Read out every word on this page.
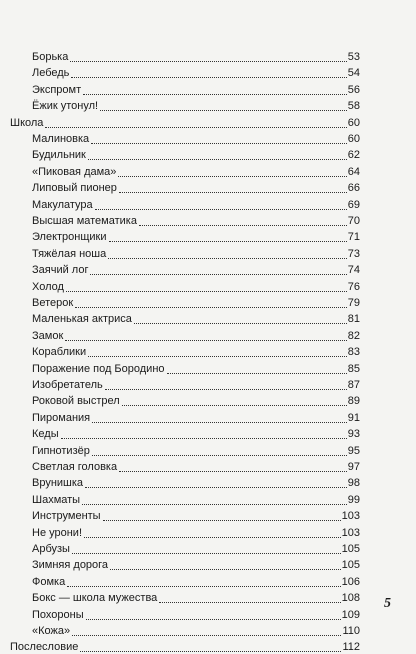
Борька	53
Лебедь	54
Экспромт	56
Ёжик утонул!	58
Школа	60
Малиновка	60
Будильник	62
«Пиковая дама»	64
Липовый пионер	66
Макулатура	69
Высшая математика	70
Электронщики	71
Тяжёлая ноша	73
Заячий лог	74
Холод	76
Ветерок	79
Маленькая актриса	81
Замок	82
Кораблики	83
Поражение под Бородино	85
Изобретатель	87
Роковой выстрел	89
Пиромания	91
Кеды	93
Гипнотизёр	95
Светлая головка	97
Врунишка	98
Шахматы	99
Инструменты	103
Не урони!	103
Арбузы	105
Зимняя дорога	105
Фомка	106
Бокс — школа мужества	108
Похороны	109
«Кожа»	110
Послесловие	112
5
